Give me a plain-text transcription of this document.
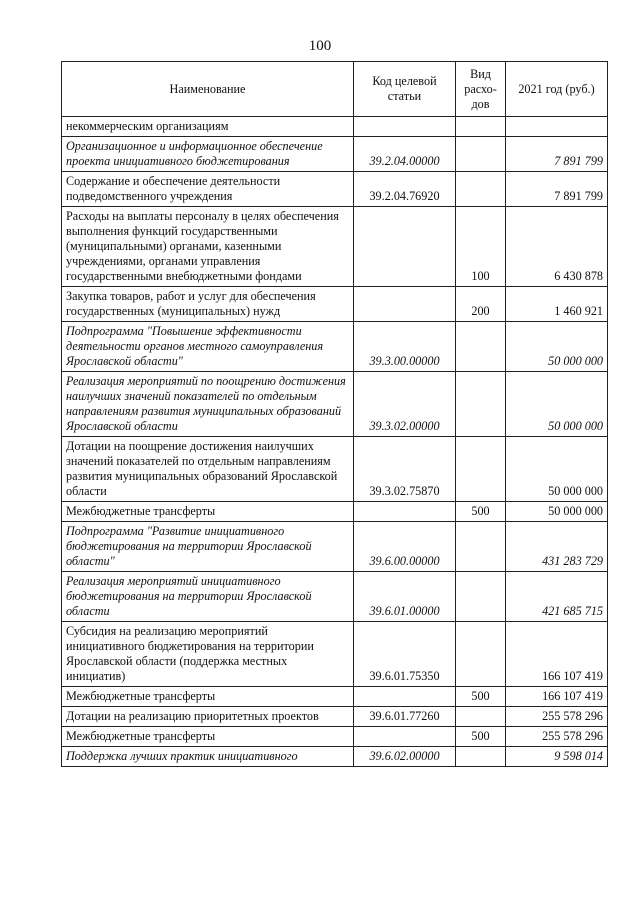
100
Наименование	Код целевой статьи	Вид расхо-дов	2021 год (руб.)
некоммерческим организациям			
Организационное и информационное обеспечение проекта инициативного бюджетирования	39.2.04.00000		7 891 799
Содержание и обеспечение деятельности подведомственного учреждения	39.2.04.76920		7 891 799
Расходы на выплаты персоналу в целях обеспечения выполнения функций государственными (муниципальными) органами, казенными учреждениями, органами управления государственными внебюджетными фондами		100	6 430 878
Закупка товаров, работ и услуг для обеспечения государственных (муниципальных) нужд		200	1 460 921
Подпрограмма "Повышение эффективности деятельности органов местного самоуправления Ярославской области"	39.3.00.00000		50 000 000
Реализация мероприятий по поощрению достижения наилучших значений показателей по отдельным направлениям развития муниципальных образований Ярославской области	39.3.02.00000		50 000 000
Дотации на поощрение достижения наилучших значений показателей по отдельным направлениям развития муниципальных образований Ярославской области	39.3.02.75870		50 000 000
Межбюджетные трансферты		500	50 000 000
Подпрограмма "Развитие инициативного бюджетирования на территории Ярославской области"	39.6.00.00000		431 283 729
Реализация мероприятий инициативного бюджетирования на территории Ярославской области	39.6.01.00000		421 685 715
Субсидия на реализацию мероприятий инициативного бюджетирования на территории Ярославской области (поддержка местных инициатив)	39.6.01.75350		166 107 419
Межбюджетные трансферты		500	166 107 419
Дотации на реализацию приоритетных проектов	39.6.01.77260		255 578 296
Межбюджетные трансферты		500	255 578 296
Поддержка лучших практик инициативного	39.6.02.00000		9 598 014
